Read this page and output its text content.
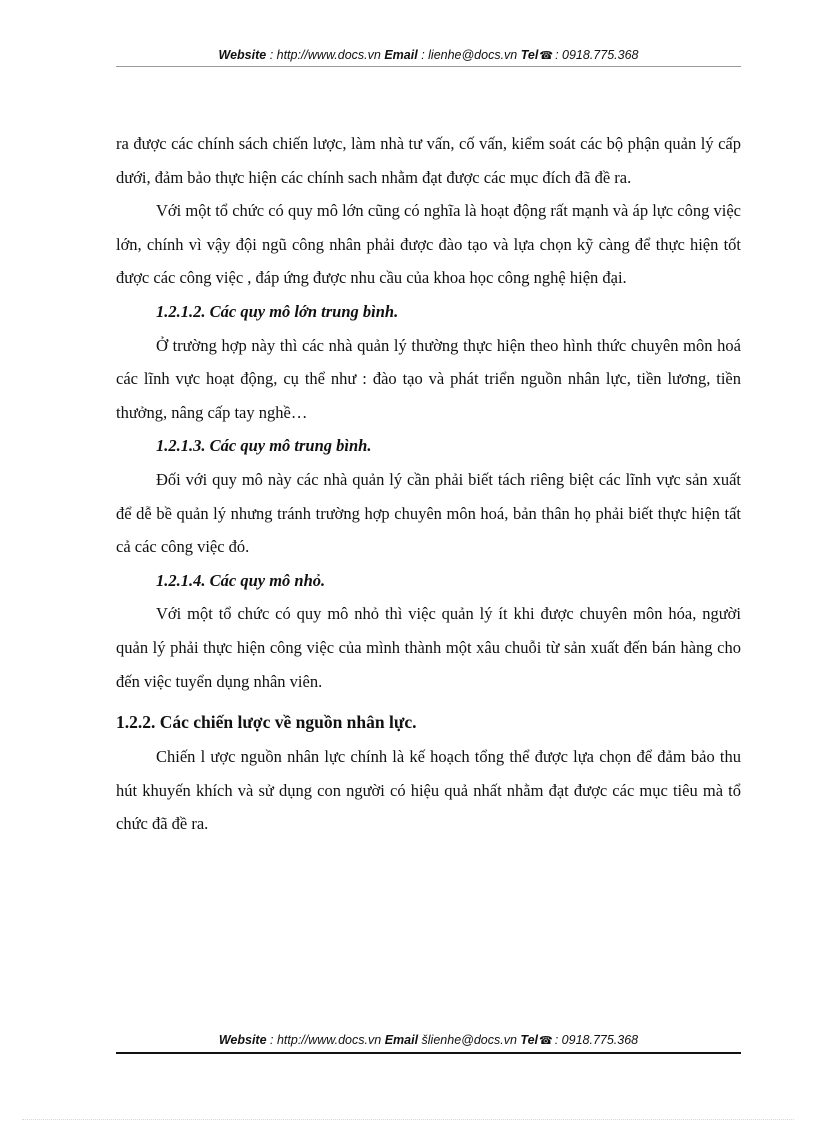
Website : http://www.docs.vn Email : lienhe@docs.vn Tel☎ : 0918.775.368

ra được các chính sách chiến lược, làm nhà tư vấn, cố vấn, kiểm soát các bộ phận quản lý cấp dưới, đảm bảo thực hiện các chính sach nhằm đạt được các mục đích đã đề ra.

Với một tổ chức có quy mô lớn cũng có nghĩa là hoạt động rất mạnh và áp lực công việc lớn, chính vì vậy đội ngũ công nhân phải được đào tạo và lựa chọn kỹ càng để thực hiện tốt được các công việc , đáp ứng được nhu cầu của khoa học công nghệ hiện đại.

1.2.1.2. Các quy mô lớn trung bình.

Ở trường hợp này thì các nhà quản lý thường thực hiện theo hình thức chuyên môn hoá các lĩnh vực hoạt động, cụ thể như : đào tạo và phát triển nguồn nhân lực, tiền lương, tiền thưởng, nâng cấp tay nghề…

1.2.1.3. Các quy mô trung bình.

Đối với quy mô này các nhà quản lý cần phải biết tách riêng biệt các lĩnh vực sản xuất để dễ bề quản lý nhưng tránh trường hợp chuyên môn hoá, bản thân họ phải biết thực hiện tất cả các công việc đó.

1.2.1.4. Các quy mô nhỏ.

Với một tổ chức có quy mô nhỏ thì việc quản lý ít khi được chuyên môn hóa, người quản lý phải thực hiện công việc của mình thành một xâu chuỗi từ sản xuất đến bán hàng cho đến việc tuyển dụng nhân viên.

1.2.2. Các chiến lược về nguồn nhân lực.

Chiến l ược nguồn nhân lực chính là kế hoạch tổng thể được lựa chọn để đảm bảo thu hút khuyến khích và sử dụng con người có hiệu quả nhất nhằm đạt được các mục tiêu mà tổ chức đã đề ra.

Website : http://www.docs.vn Email šlienhe@docs.vn Tel☎ : 0918.775.368
